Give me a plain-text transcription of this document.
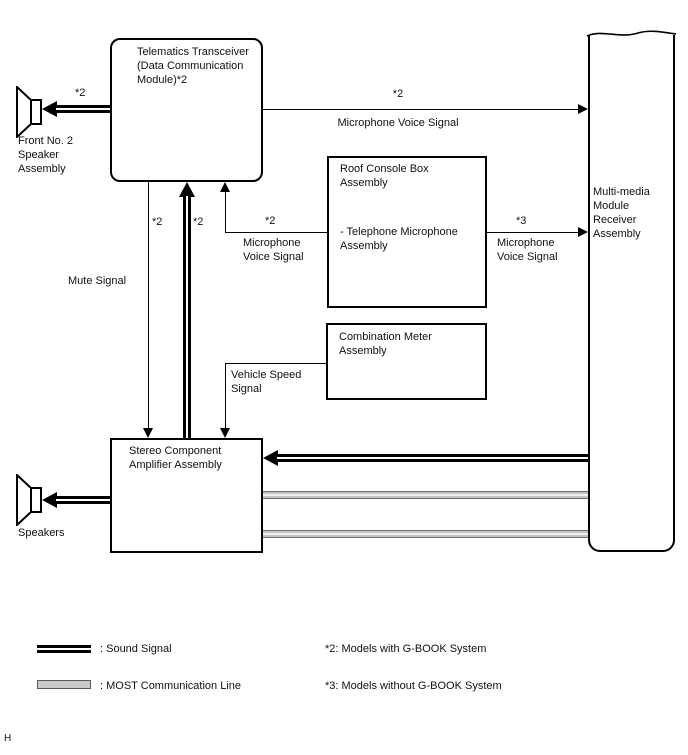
Telematics Transceiver (Data Communication Module)*2
Roof Console Box Assembly
- Telephone Microphone Assembly
Combination Meter Assembly
Stereo Component Amplifier Assembly
Multi-media Module Receiver Assembly
Front No. 2 Speaker Assembly
Speakers
*2	*2
Microphone Voice Signal
*2
Mute Signal
*2	*2
Microphone Voice Signal
*3
Microphone Voice Signal
Vehicle Speed Signal
: Sound Signal
: MOST Communication Line
*2: Models with G-BOOK System
*3: Models without G-BOOK System
H
